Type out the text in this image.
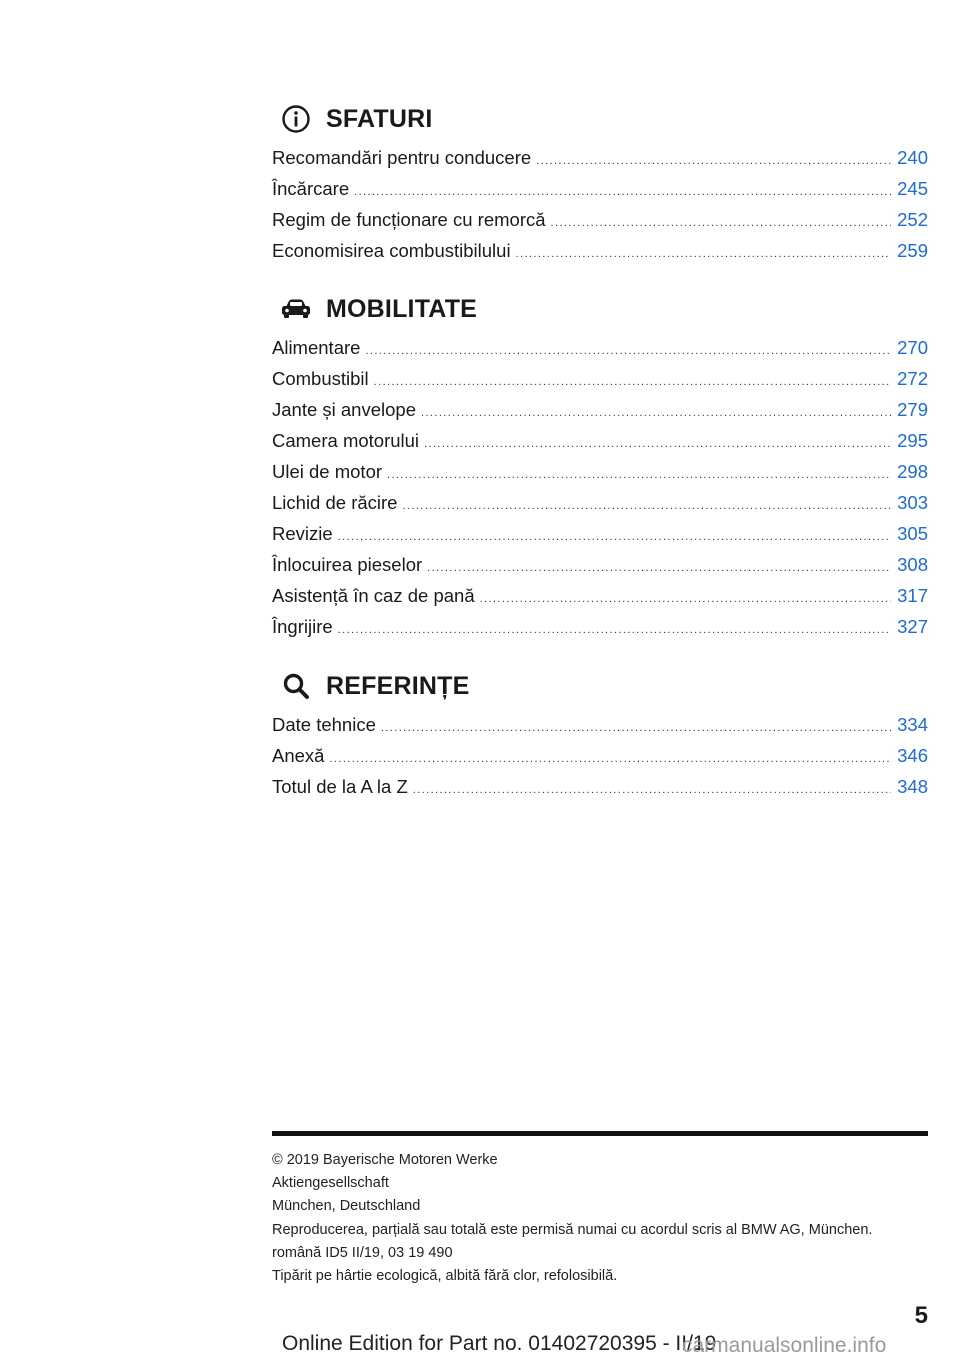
SFATURI
Recomandări pentru conducere .....	240
Încărcare .....	245
Regim de funcționare cu remorcă .....	252
Economisirea combustibilului .....	259
MOBILITATE
Alimentare .....	270
Combustibil .....	272
Jante și anvelope .....	279
Camera motorului .....	295
Ulei de motor .....	298
Lichid de răcire .....	303
Revizie .....	305
Înlocuirea pieselor .....	308
Asistență în caz de pană .....	317
Îngrijire .....	327
REFERINȚE
Date tehnice .....	334
Anexă .....	346
Totul de la A la Z .....	348
© 2019 Bayerische Motoren Werke
Aktiengesellschaft
München, Deutschland
Reproducerea, parțială sau totală este permisă numai cu acordul scris al BMW AG, München.
română ID5 II/19, 03 19 490
Tipărit pe hârtie ecologică, albită fără clor, refolosibilă.
5
Online Edition for Part no. 01402720395 - II/19
carmanualsonline.info
